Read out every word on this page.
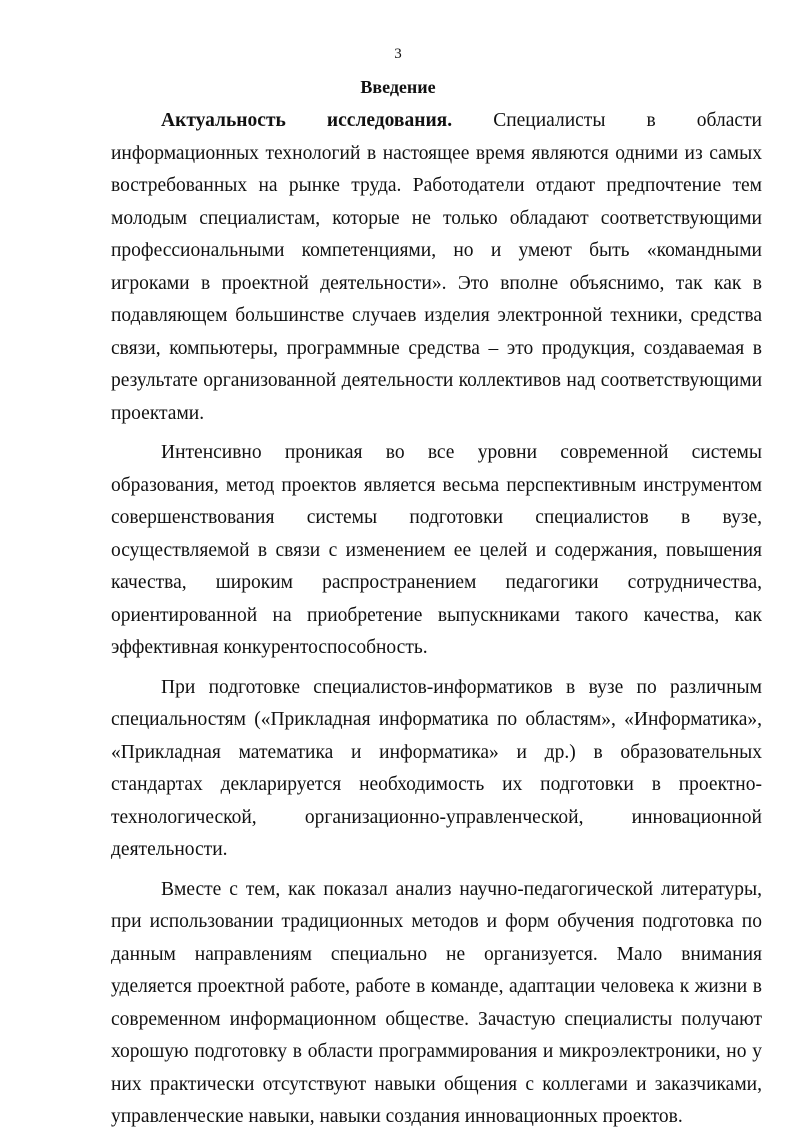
3
Введение

Актуальность исследования. Специалисты в области информационных технологий в настоящее время являются одними из самых востребованных на рынке труда. Работодатели отдают предпочтение тем молодым специалистам, которые не только обладают соответствующими профессиональными компетенциями, но и умеют быть «командными игроками в проектной деятельности». Это вполне объяснимо, так как в подавляющем большинстве случаев изделия электронной техники, средства связи, компьютеры, программные средства – это продукция, создаваемая в результате организованной деятельности коллективов над соответствующими проектами.

Интенсивно проникая во все уровни современной системы образования, метод проектов является весьма перспективным инструментом совершенствования системы подготовки специалистов в вузе, осуществляемой в связи с изменением ее целей и содержания, повышения качества, широким распространением педагогики сотрудничества, ориентированной на приобретение выпускниками такого качества, как эффективная конкурентоспособность.

При подготовке специалистов-информатиков в вузе по различным специальностям («Прикладная информатика по областям», «Информатика», «Прикладная математика и информатика» и др.) в образовательных стандартах декларируется необходимость их подготовки в проектно-технологической, организационно-управленческой, инновационной деятельности.

Вместе с тем, как показал анализ научно-педагогической литературы, при использовании традиционных методов и форм обучения подготовка по данным направлениям специально не организуется. Мало внимания уделяется проектной работе, работе в команде, адаптации человека к жизни в современном информационном обществе. Зачастую специалисты получают хорошую подготовку в области программирования и микроэлектроники, но у них практически отсутствуют навыки общения с коллегами и заказчиками, управленческие навыки, навыки создания инновационных проектов.
